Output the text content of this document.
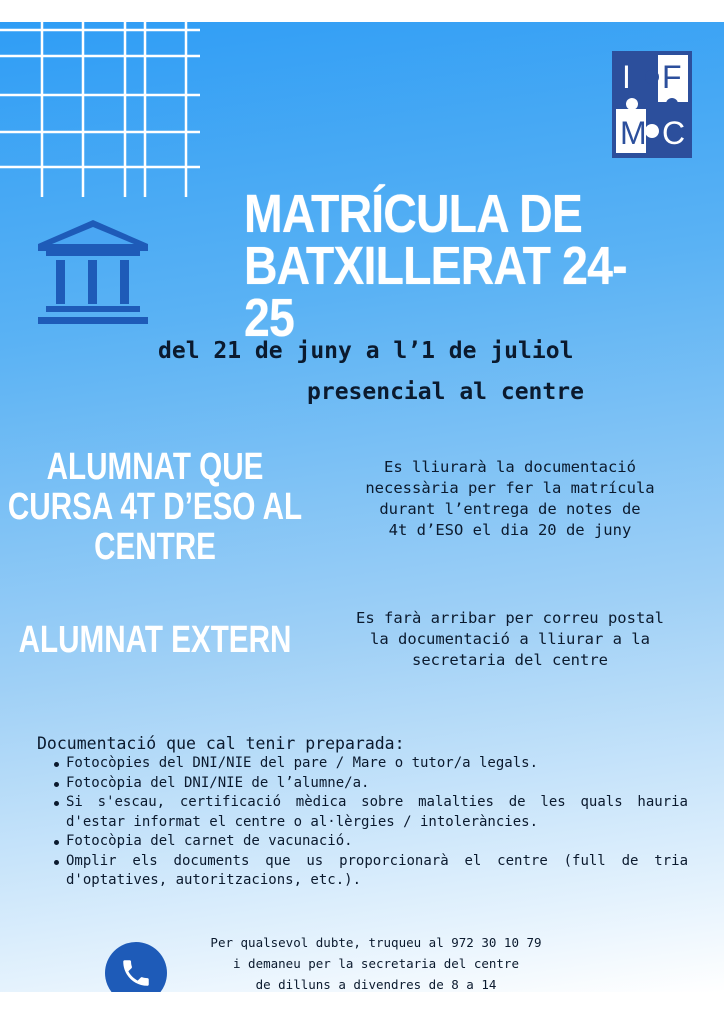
I F
M C
MATRÍCULA DE
BATXILLERAT 24-25
del 21 de juny a l’1 de juliol
presencial al centre
ALUMNAT QUE CURSA 4T D’ESO AL CENTRE
Es lliurarà la documentació
necessària per fer la matrícula
durant l’entrega de notes de
4t d’ESO el dia 20 de juny
ALUMNAT EXTERN
Es farà arribar per correu postal
la documentació a lliurar a la
secretaria del centre
Documentació que cal tenir preparada:
Fotocòpies del DNI/NIE del pare / Mare o tutor/a legals.
Fotocòpia del DNI/NIE de l’alumne/a.
Si s'escau, certificació mèdica sobre malalties de les quals hauria d'estar informat el centre o al·lèrgies / intoleràncies.
Fotocòpia del carnet de vacunació.
Omplir els documents que us proporcionarà el centre (full de tria d'optatives, autoritzacions, etc.).
Per qualsevol dubte, truqueu al 972 30 10 79
i demaneu per la secretaria del centre
de dilluns a divendres de 8 a 14
